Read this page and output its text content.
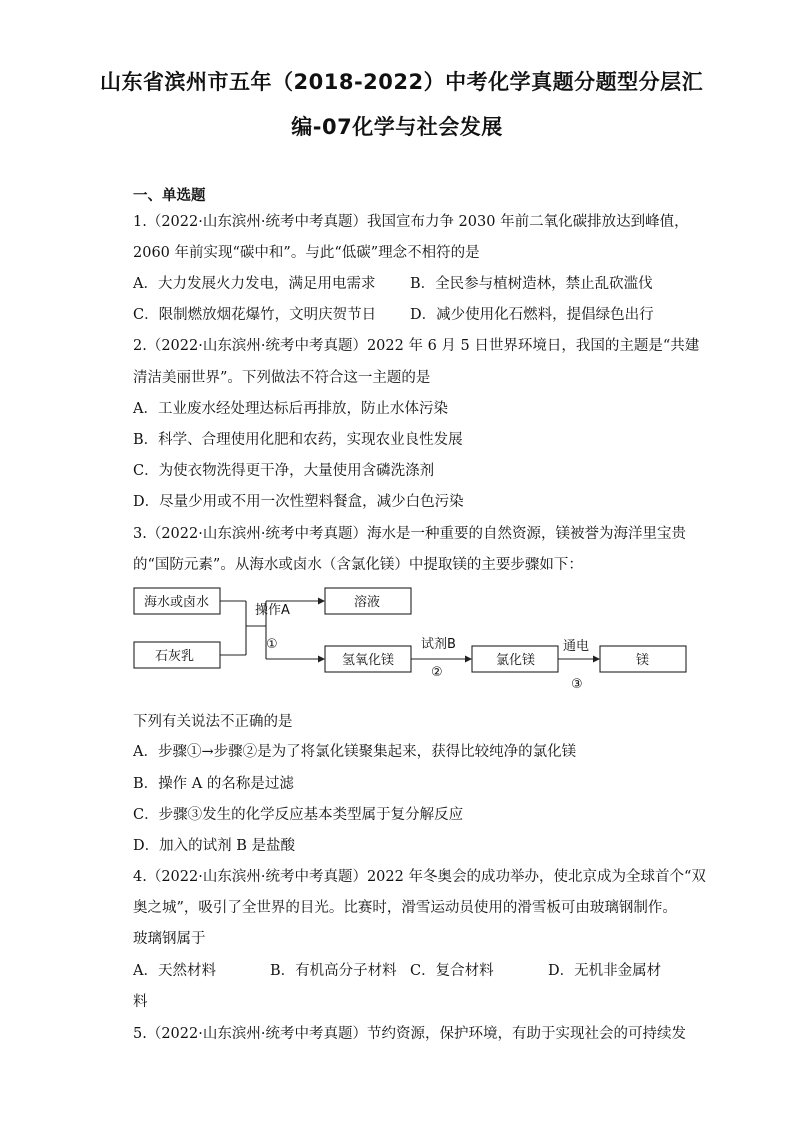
山东省滨州市五年（2018-2022）中考化学真题分题型分层汇
编-07化学与社会发展
一、单选题
1.（2022·山东滨州·统考中考真题）我国宣布力争 2030 年前二氧化碳排放达到峰值，
2060 年前实现“碳中和”。与此“低碳”理念不相符的是
A．大力发展火力发电，满足用电需求 B．全民参与植树造林，禁止乱砍滥伐
C．限制燃放烟花爆竹，文明庆贺节日 D．减少使用化石燃料，提倡绿色出行
2.（2022·山东滨州·统考中考真题）2022 年 6 月 5 日世界环境日，我国的主题是“共建
清洁美丽世界”。下列做法不符合这一主题的是
A．工业废水经处理达标后再排放，防止水体污染
B．科学、合理使用化肥和农药，实现农业良性发展
C．为使衣物洗得更干净，大量使用含磷洗涤剂
D．尽量少用或不用一次性塑料餐盒，减少白色污染
3.（2022·山东滨州·统考中考真题）海水是一种重要的自然资源，镁被誉为海洋里宝贵
的“国防元素”。从海水或卤水（含氯化镁）中提取镁的主要步骤如下：
海水或卤水
石灰乳
操作A
①
溶液
氢氧化镁
试剂B
②
氯化镁
通电
③
镁
下列有关说法不正确的是
A．步骤①→步骤②是为了将氯化镁聚集起来，获得比较纯净的氯化镁
B．操作 A 的名称是过滤
C．步骤③发生的化学反应基本类型属于复分解反应
D．加入的试剂 B 是盐酸
4.（2022·山东滨州·统考中考真题）2022 年冬奥会的成功举办，使北京成为全球首个“双
奥之城”，吸引了全世界的目光。比赛时，滑雪运动员使用的滑雪板可由玻璃钢制作。
玻璃钢属于
A．天然材料	B．有机高分子材料 C．复合材料	D．无机非金属材
料
5.（2022·山东滨州·统考中考真题）节约资源，保护环境，有助于实现社会的可持续发
